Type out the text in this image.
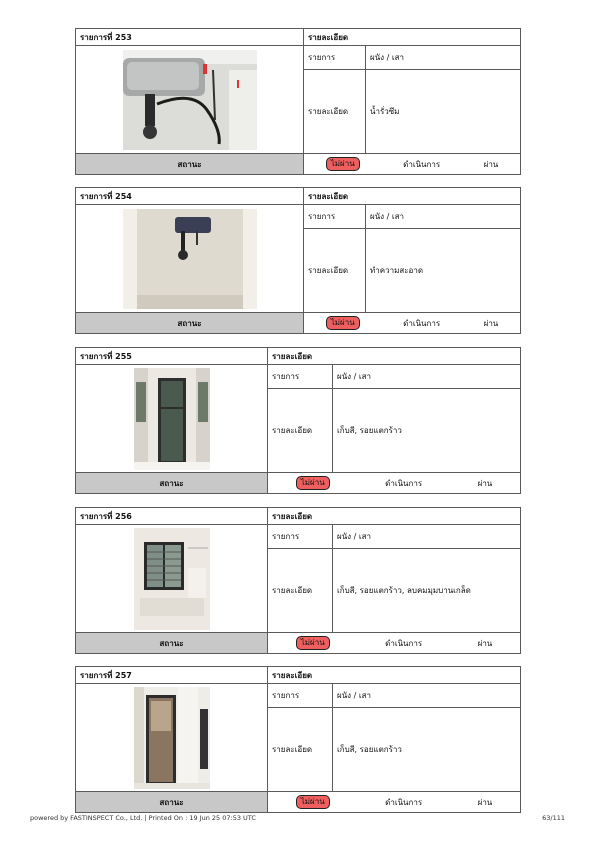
รายการที่ 253	รายละเอียด	

	รายการ	ผนัง / เสา
	รายละเอียด	น้ำรั่วซึม
สถานะ	ไม่ผ่าน ดำเนินการ ผ่าน	
รายการที่ 254	รายละเอียด	

	รายการ	ผนัง / เสา
	รายละเอียด	ทำความสะอาด
สถานะ	ไม่ผ่าน ดำเนินการ ผ่าน	
รายการที่ 255	รายละเอียด	

	รายการ	ผนัง / เสา
	รายละเอียด	เก็บสี, รอยแตกร้าว
สถานะ	ไม่ผ่าน ดำเนินการ ผ่าน	
รายการที่ 256	รายละเอียด	

	รายการ	ผนัง / เสา
	รายละเอียด	เก็บสี, รอยแตกร้าว, ลบคมมุมบานเกล็ด
สถานะ	ไม่ผ่าน ดำเนินการ ผ่าน	
รายการที่ 257	รายละเอียด	

	รายการ	ผนัง / เสา
	รายละเอียด	เก็บสี, รอยแตกร้าว
สถานะ	ไม่ผ่าน ดำเนินการ ผ่าน	
powered by FASTINSPECT Co., Ltd. | Printed On : 19 Jun 25 07:53 UTC	63/111
